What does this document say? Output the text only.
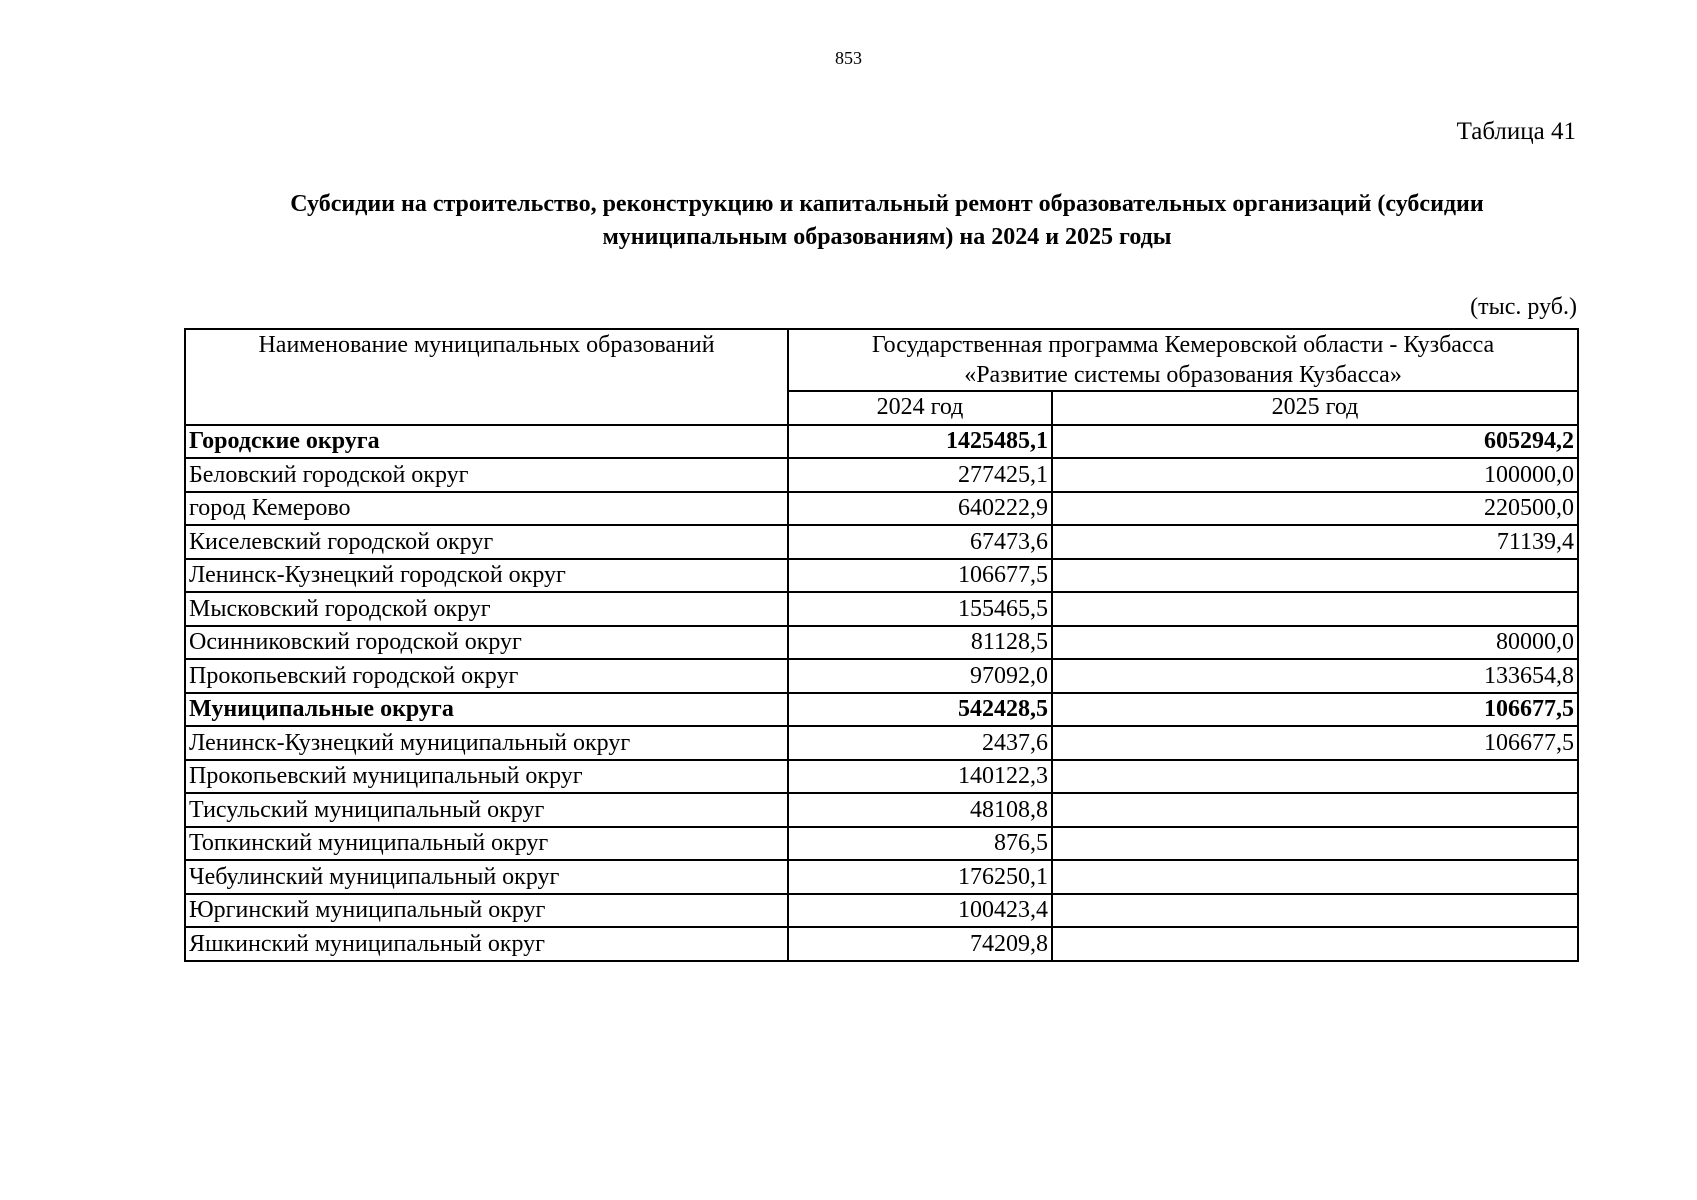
853
Таблица 41
Субсидии на строительство, реконструкцию и капитальный ремонт образовательных организаций (субсидии
муниципальным образованиям) на 2024 и 2025 годы
(тыс. руб.)
Наименование муниципальных образований	Государственная программа Кемеровской области - Кузбасса
«Развитие системы образования Кузбасса»	

	2024 год	2025 год
Городские округа	1425485,1	605294,2
Беловский городской округ	277425,1	100000,0
город Кемерово	640222,9	220500,0
Киселевский городской округ	67473,6	71139,4
Ленинск-Кузнецкий городской округ	106677,5	
Мысковский городской округ	155465,5	
Осинниковский городской округ	81128,5	80000,0
Прокопьевский городской округ	97092,0	133654,8
Муниципальные округа	542428,5	106677,5
Ленинск-Кузнецкий муниципальный округ	2437,6	106677,5
Прокопьевский муниципальный округ	140122,3	
Тисульский муниципальный округ	48108,8	
Топкинский муниципальный округ	876,5	
Чебулинский муниципальный округ	176250,1	
Юргинский муниципальный округ	100423,4	
Яшкинский муниципальный округ	74209,8	
